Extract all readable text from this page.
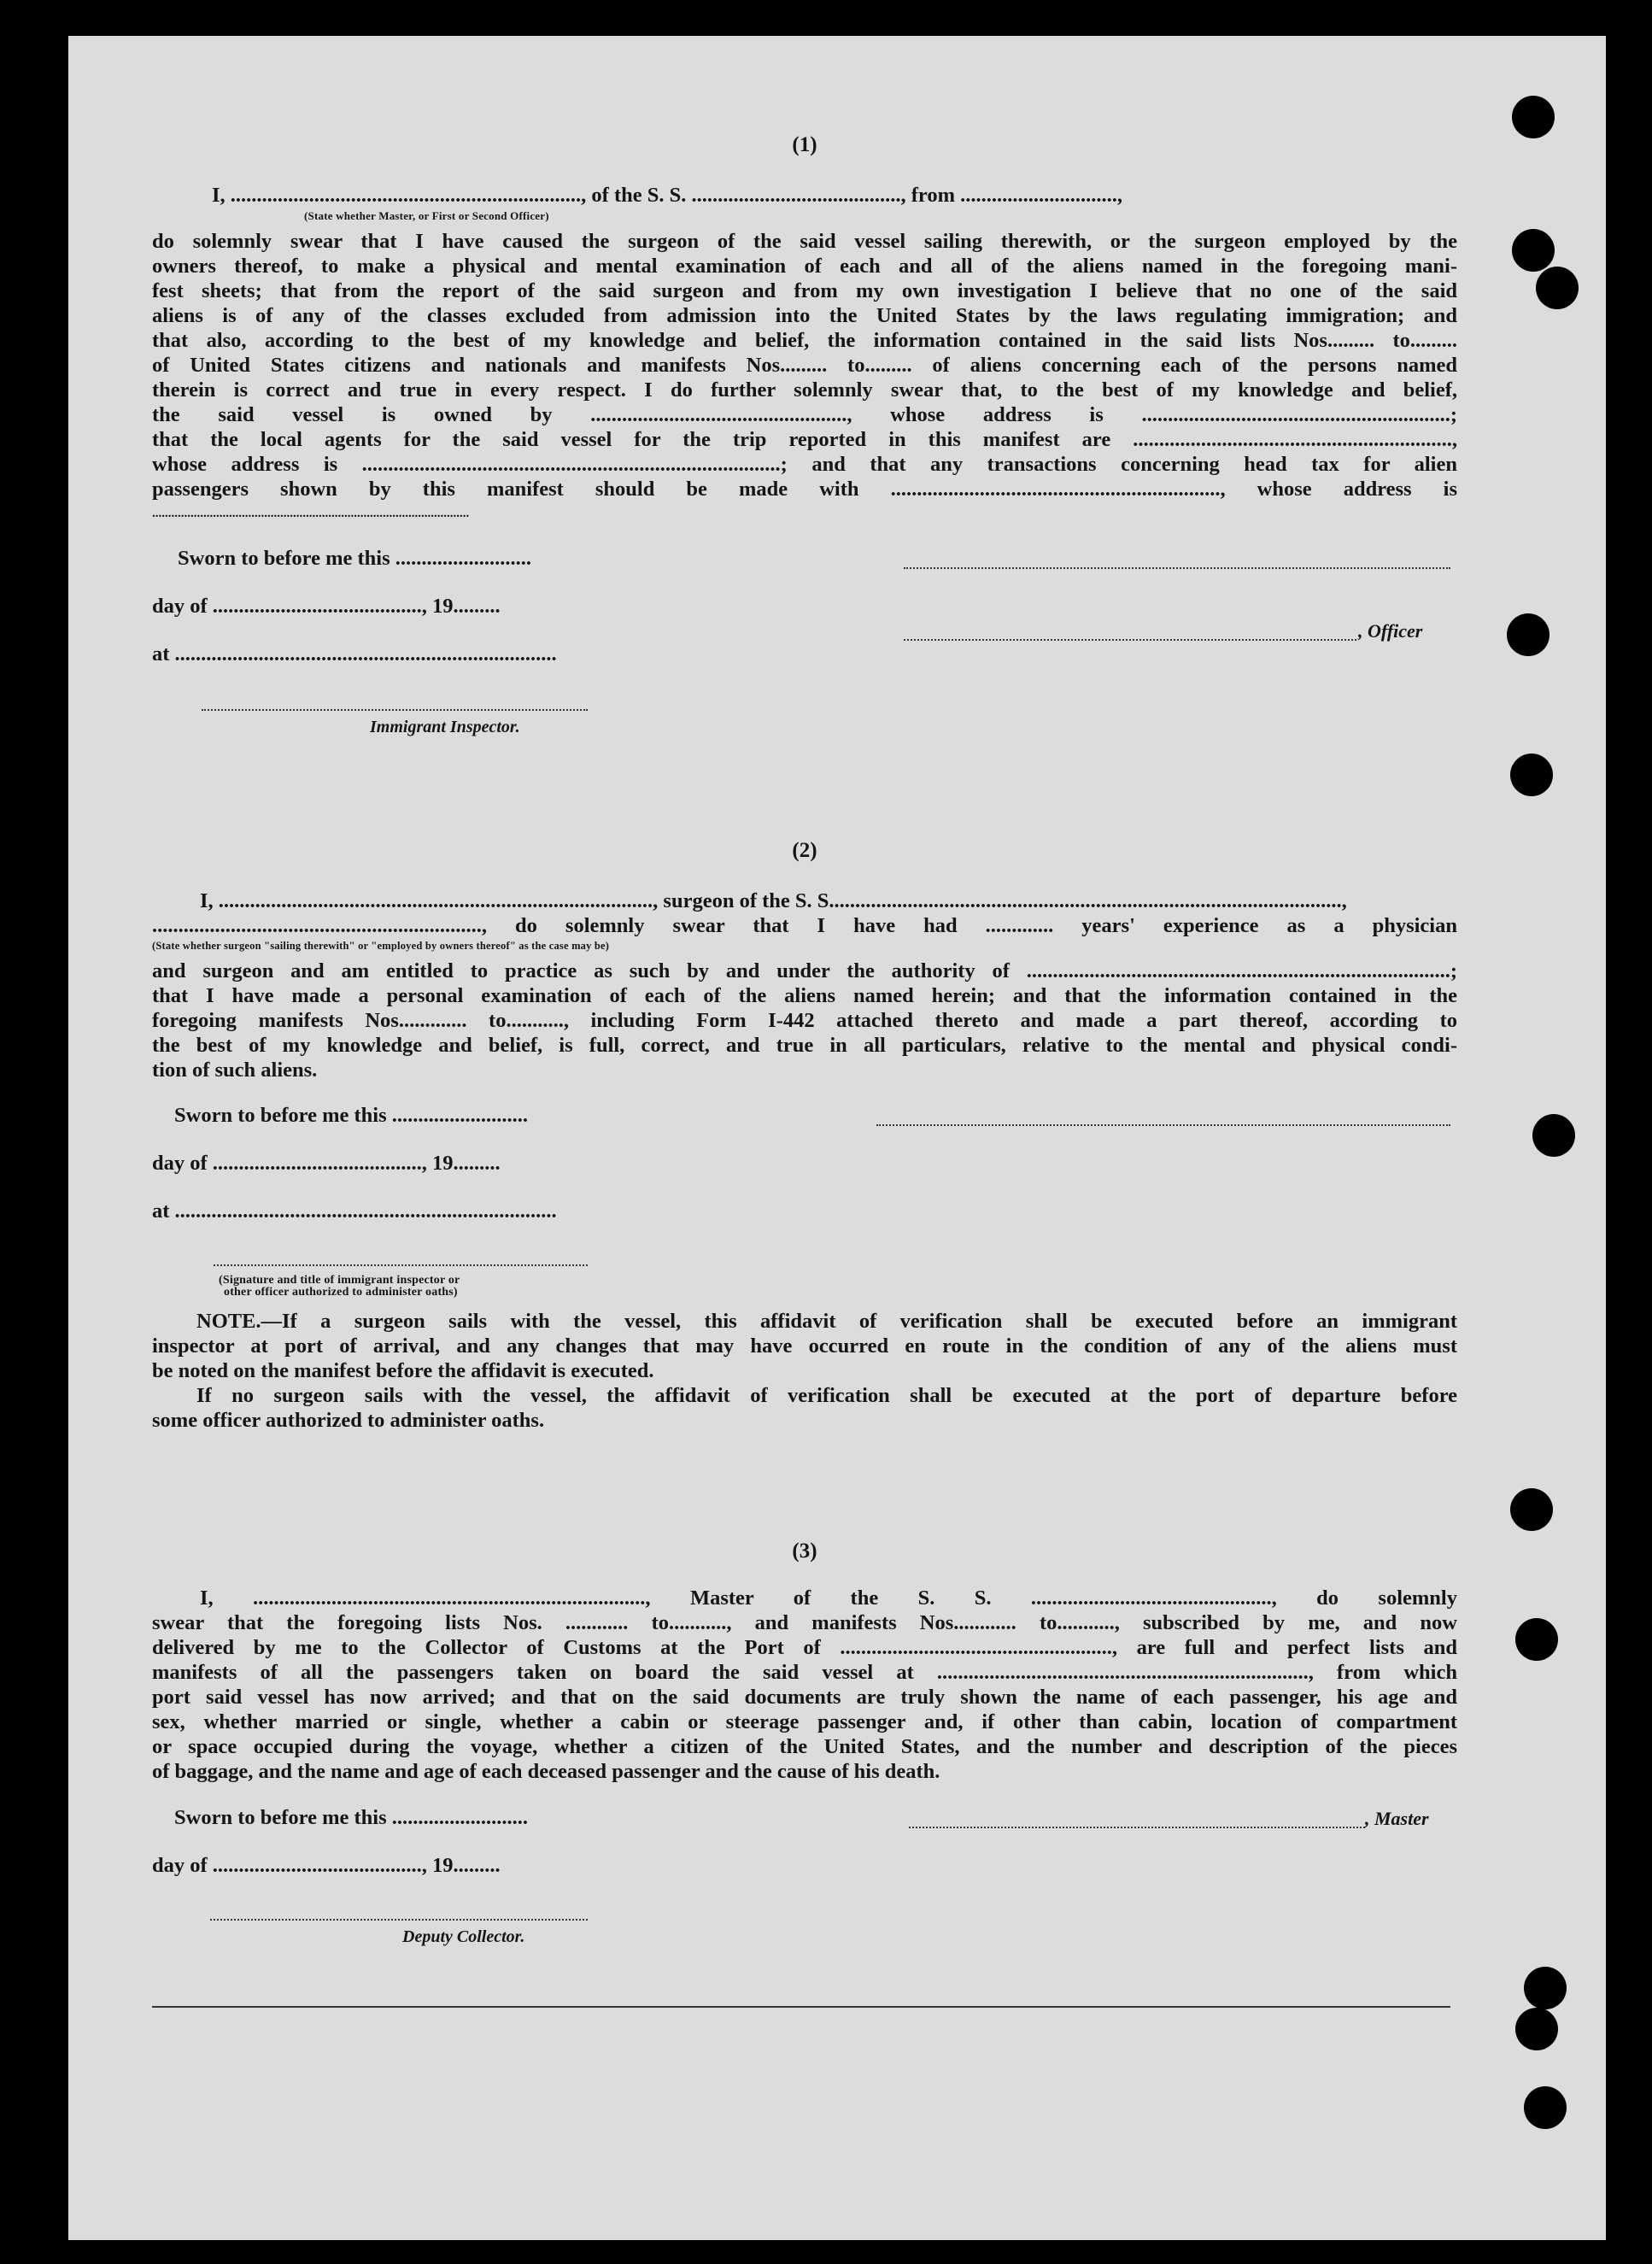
(1)
I, ..................................................................., of the S. S. ........................................, from ..............................,
(State whether Master, or First or Second Officer)
do solemnly swear that I have caused the surgeon of the said vessel sailing therewith, or the surgeon employed by the
owners thereof, to make a physical and mental examination of each and all of the aliens named in the foregoing mani-
fest sheets; that from the report of the said surgeon and from my own investigation I believe that no one of the said
aliens is of any of the classes excluded from admission into the United States by the laws regulating immigration; and
that also, according to the best of my knowledge and belief, the information contained in the said lists Nos......... to.........
of United States citizens and nationals and manifests Nos......... to......... of aliens concerning each of the persons named
therein is correct and true in every respect. I do further solemnly swear that, to the best of my knowledge and belief,
the said vessel is owned by ................................................., whose address is ...........................................................;
that the local agents for the said vessel for the trip reported in this manifest are .............................................................,
whose address is ................................................................................; and that any transactions concerning head tax for alien
passengers shown by this manifest should be made with ..............................................................., whose address is
...................................................................................................
Sworn to before me this ..........................
day of ........................................, 19.........
, Officer
at .........................................................................
Immigrant Inspector.
(2)
I, ..................................................................................., surgeon of the S. S..................................................................................................,
..............................................................., do solemnly swear that I have had ............. years' experience as a physician
(State whether surgeon "sailing therewith" or "employed by owners thereof" as the case may be)
and surgeon and am entitled to practice as such by and under the authority of .................................................................................;
that I have made a personal examination of each of the aliens named herein; and that the information contained in the
foregoing manifests Nos............. to..........., including Form I-442 attached thereto and made a part thereof, according to
the best of my knowledge and belief, is full, correct, and true in all particulars, relative to the mental and physical condi-
tion of such aliens.
Sworn to before me this ..........................
day of ........................................, 19.........
at .........................................................................
(Signature and title of immigrant inspector or
other officer authorized to administer oaths)
NOTE.—If a surgeon sails with the vessel, this affidavit of verification shall be executed before an immigrant
inspector at port of arrival, and any changes that may have occurred en route in the condition of any of the aliens must
be noted on the manifest before the affidavit is executed.
If no surgeon sails with the vessel, the affidavit of verification shall be executed at the port of departure before
some officer authorized to administer oaths.
(3)
I, ..........................................................................., Master of the S. S. .............................................., do solemnly
swear that the foregoing lists Nos. ............ to..........., and manifests Nos............ to..........., subscribed by me, and now
delivered by me to the Collector of Customs at the Port of ...................................................., are full and perfect lists and
manifests of all the passengers taken on board the said vessel at ......................................................................., from which
port said vessel has now arrived; and that on the said documents are truly shown the name of each passenger, his age and
sex, whether married or single, whether a cabin or steerage passenger and, if other than cabin, location of compartment
or space occupied during the voyage, whether a citizen of the United States, and the number and description of the pieces
of baggage, and the name and age of each deceased passenger and the cause of his death.
Sworn to before me this ..........................	, Master
day of ........................................, 19.........
Deputy Collector.
